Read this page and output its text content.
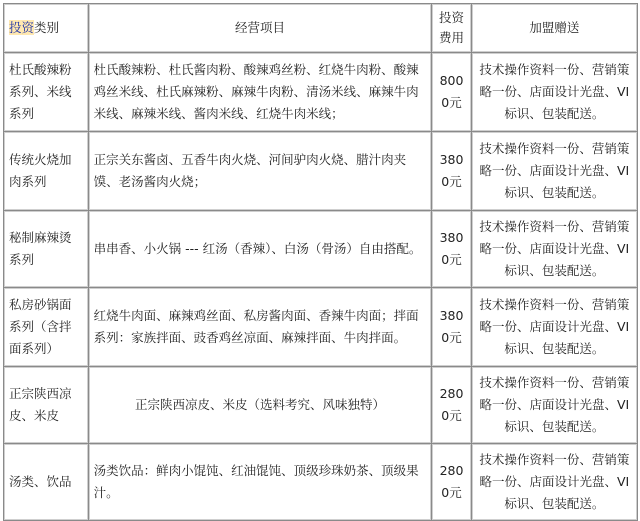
投资类别	经营项目	投资费用	加盟赠送
杜氏酸辣粉系列、米线系列	杜氏酸辣粉、杜氏酱肉粉、酸辣鸡丝粉、红烧牛肉粉、酸辣鸡丝米线、杜氏麻辣粉、麻辣牛肉粉、清汤米线、麻辣牛肉米线、麻辣米线、酱肉米线、红烧牛肉米线；	8000元	技术操作资料一份、营销策略一份、店面设计光盘、VI 标识、包装配送。
传统火烧加肉系列	正宗关东酱卤、五香牛肉火烧、河间驴肉火烧、腊汁肉夹馍、老汤酱肉火烧；	3800元	技术操作资料一份、营销策略一份、店面设计光盘、VI 标识、包装配送。
秘制麻辣烫系列	串串香、小火锅 --- 红汤（香辣）、白汤（骨汤）自由搭配。	3800元	技术操作资料一份、营销策略一份、店面设计光盘、VI 标识、包装配送。
私房砂锅面系列（含拌面系列）	红烧牛肉面、麻辣鸡丝面、私房酱肉面、香辣牛肉面；拌面系列：家族拌面、豉香鸡丝凉面、麻辣拌面、牛肉拌面。	3800元	技术操作资料一份、营销策略一份、店面设计光盘、VI 标识、包装配送。
正宗陕西凉皮、米皮	正宗陕西凉皮、米皮（选料考究、风味独特）	2800元	技术操作资料一份、营销策略一份、店面设计光盘、VI 标识、包装配送。
汤类、饮品	汤类饮品：鲜肉小馄饨、红油馄饨、顶级珍珠奶茶、顶级果汁。	2800元	技术操作资料一份、营销策略一份、店面设计光盘、VI 标识、包装配送。
